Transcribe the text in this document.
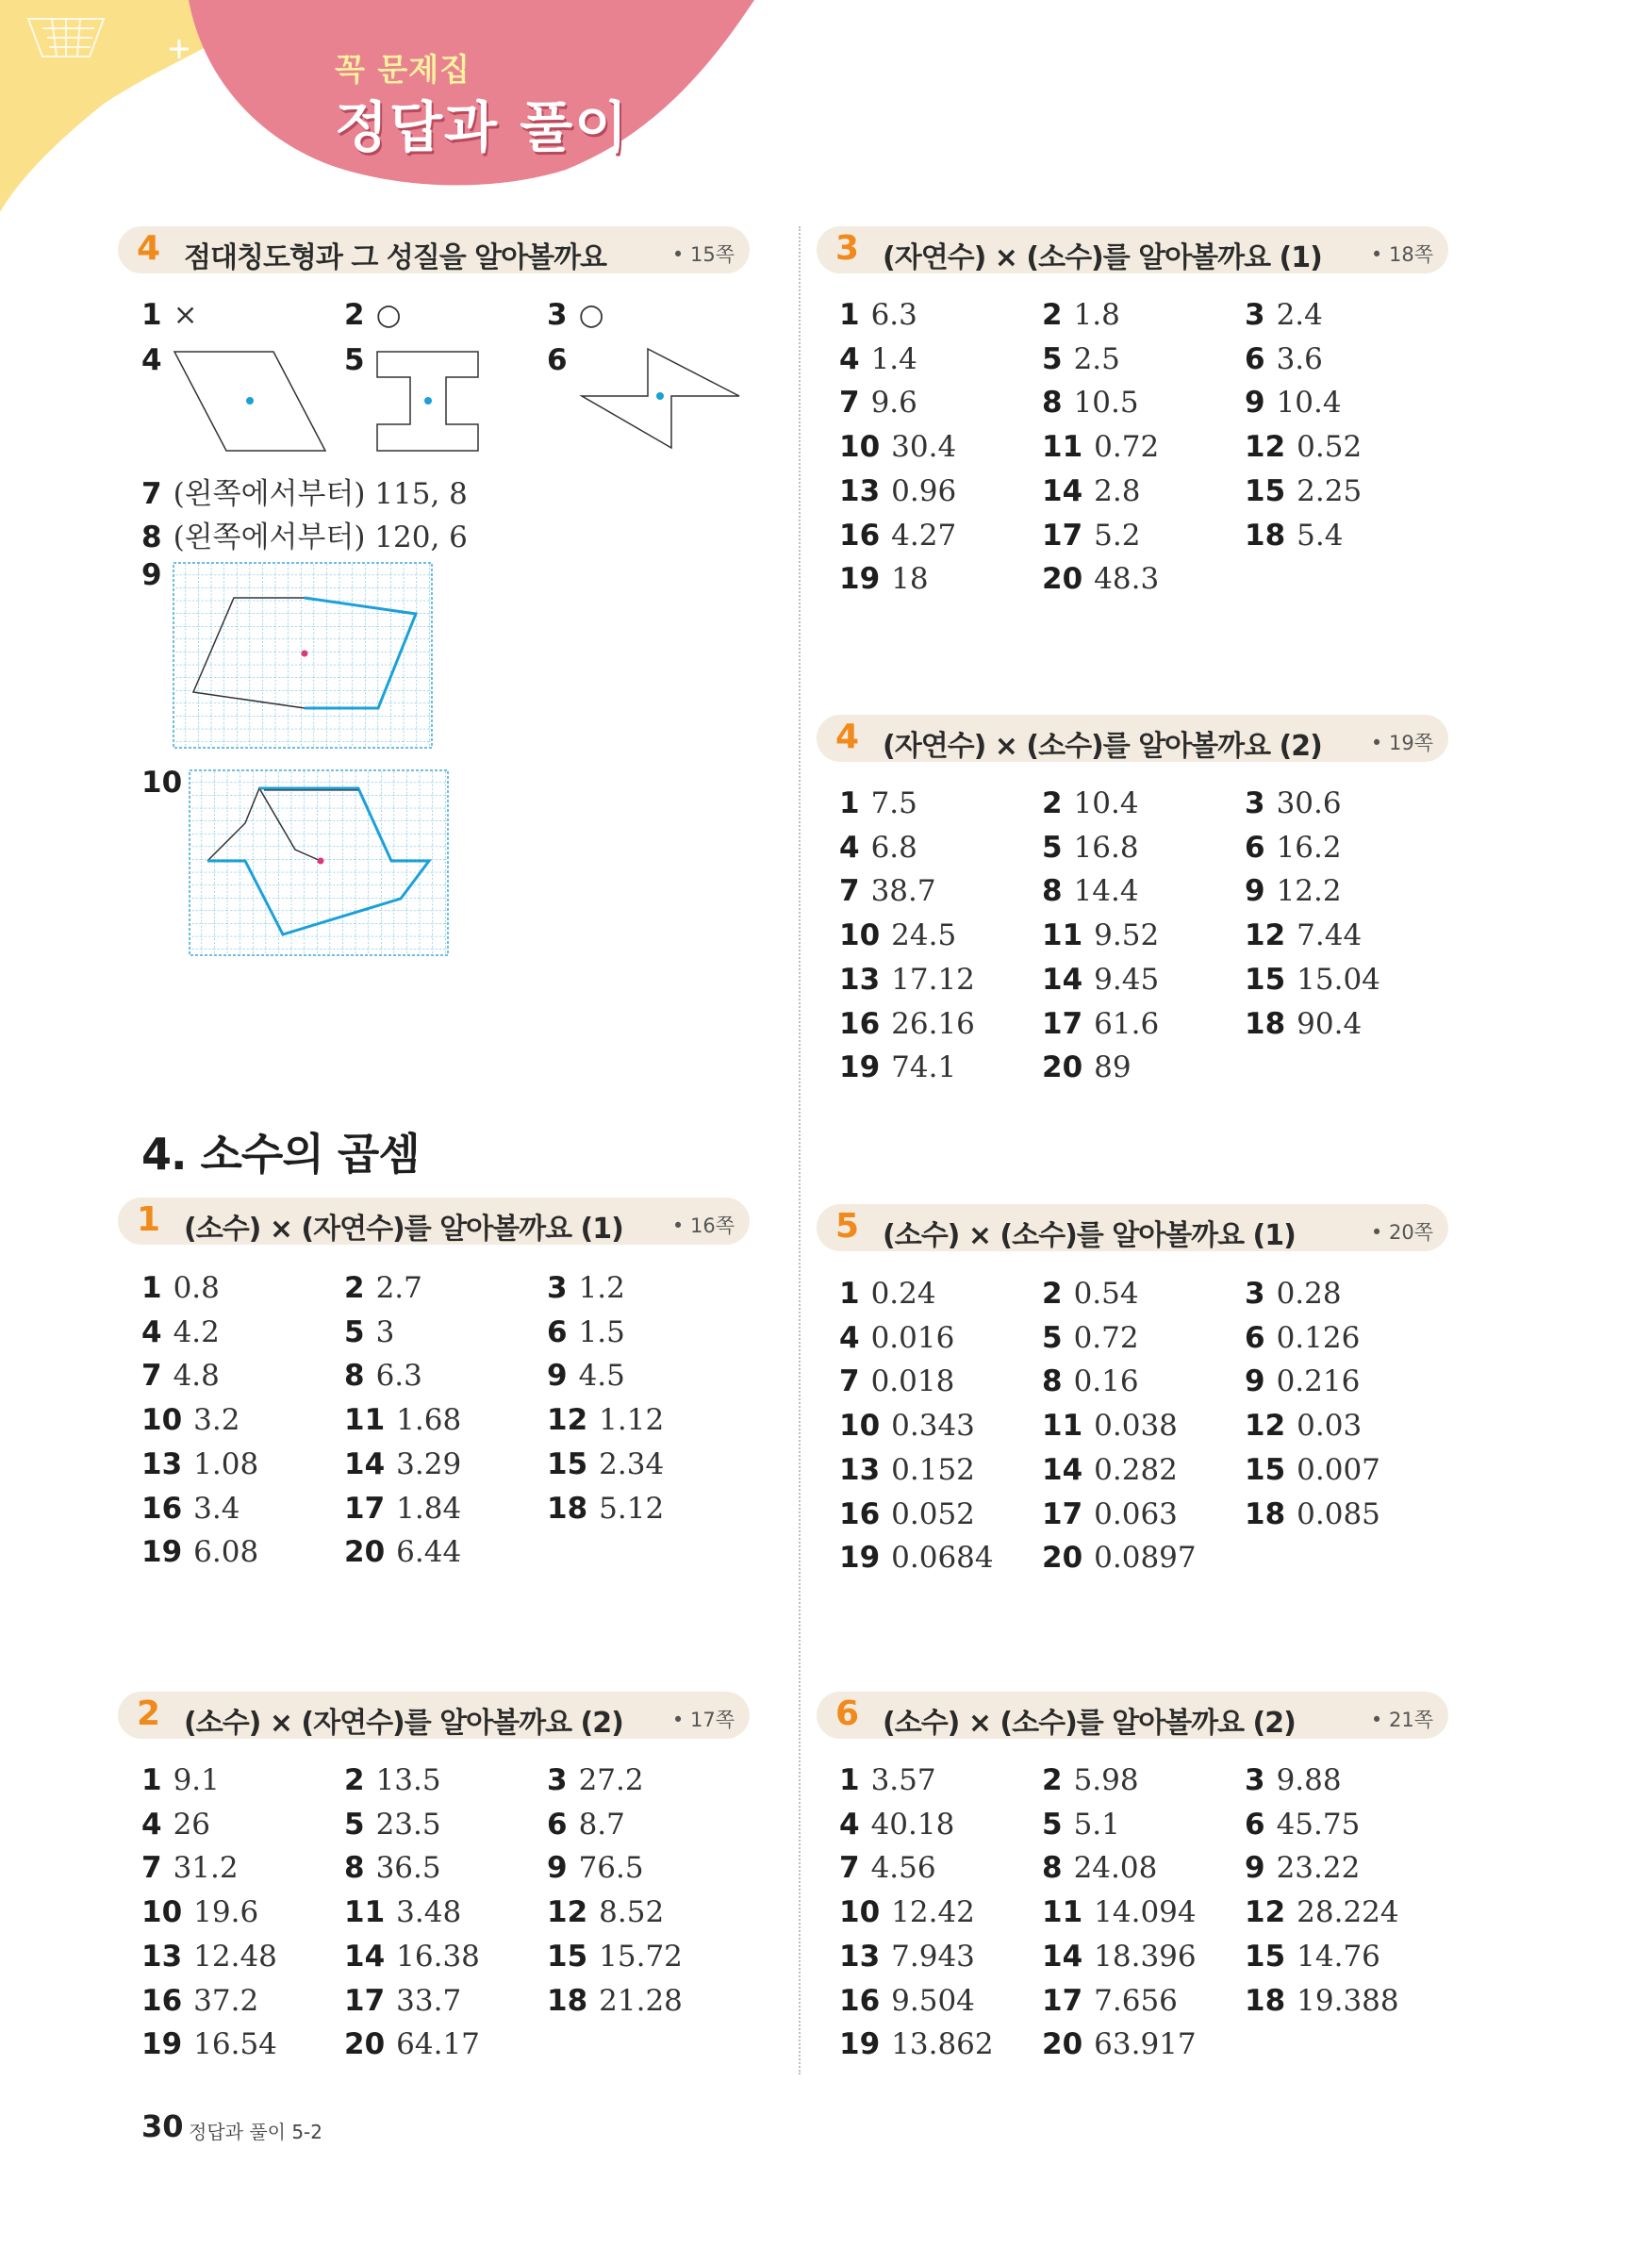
꼭 문제집
정답과 풀이
4 점대칭도형과 그 성질을 알아볼까요	• 15쪽
1 ×	2 ○	3 ○
4	5	6
7 (왼쪽에서부터) 115, 8
8 (왼쪽에서부터) 120, 6
9
10
4. 소수의 곱셈
1 (소수) × (자연수)를 알아볼까요 (1) • 16쪽
1 0.8	2 2.7	3 1.2
4 4.2	5 3	6 1.5
7 4.8	8 6.3	9 4.5
10 3.2	11 1.68	12 1.12
13 1.08	14 3.29	15 2.34
16 3.4	17 1.84	18 5.12
19 6.08	20 6.44
2 (소수) × (자연수)를 알아볼까요 (2) • 17쪽
1 9.1	2 13.5	3 27.2
4 26	5 23.5	6 8.7
7 31.2	8 36.5	9 76.5
10 19.6	11 3.48	12 8.52
13 12.48 14 16.38 15 15.72
16 37.2	17 33.7	18 21.28
19 16.54 20 64.17
3 (자연수) × (소수)를 알아볼까요 (1) • 18쪽
1 6.3	2 1.8	3 2.4
4 1.4	5 2.5	6 3.6
7 9.6	8 10.5	9 10.4
10 30.4	11 0.72	12 0.52
13 0.96	14 2.8	15 2.25
16 4.27	17 5.2	18 5.4
19 18	20 48.3
4 (자연수) × (소수)를 알아볼까요 (2) • 19쪽
1 7.5	2 10.4	3 30.6
4 6.8	5 16.8	6 16.2
7 38.7	8 14.4	9 12.2
10 24.5	11 9.52	12 7.44
13 17.12 14 9.45	15 15.04
16 26.16 17 61.6	18 90.4
19 74.1	20 89
5 (소수) × (소수)를 알아볼까요 (1)	• 20쪽
1 0.24	2 0.54	3 0.28
4 0.016	5 0.72	6 0.126
7 0.018	8 0.16	9 0.216
10 0.343 11 0.038 12 0.03
13 0.152 14 0.282 15 0.007
16 0.052 17 0.063 18 0.085
19 0.0684 20 0.0897
6 (소수) × (소수)를 알아볼까요 (2)	• 21쪽
1 3.57	2 5.98	3 9.88
4 40.18	5 5.1	6 45.75
7 4.56	8 24.08	9 23.22
10 12.42 11 14.094 12 28.224
13 7.943 14 18.396 15 14.76
16 9.504 17 7.656 18 19.388
19 13.862 20 63.917
30 정답과 풀이 5-2
